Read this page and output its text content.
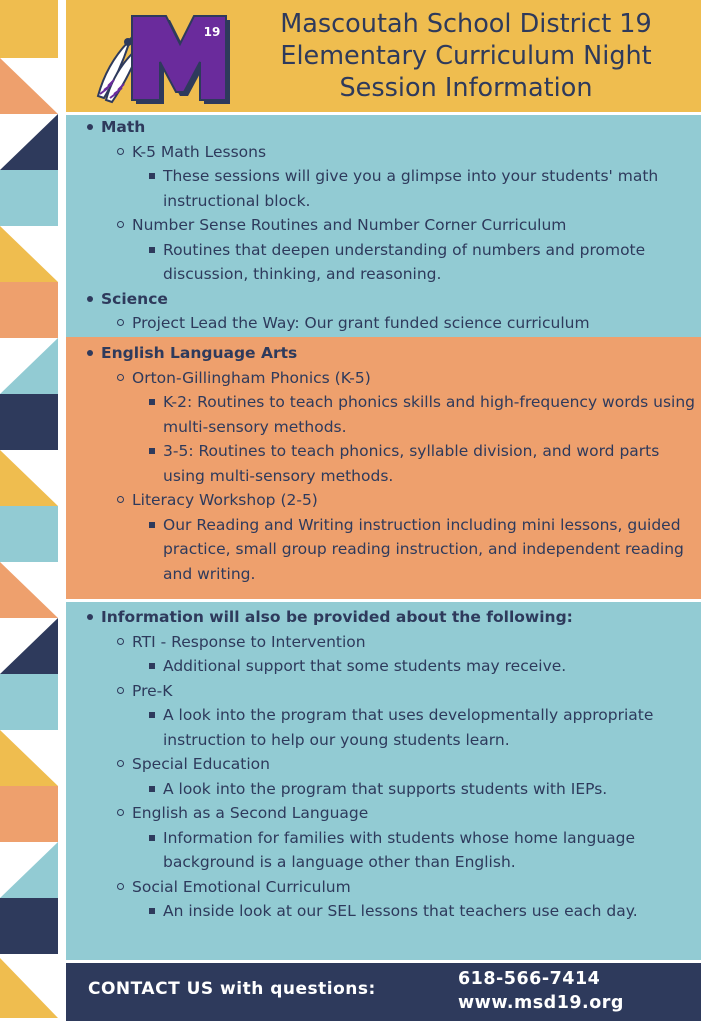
19	Mascoutah School District 19
Elementary Curriculum Night
Session Information
Math
K-5 Math Lessons
These sessions will give you a glimpse into your students' math instructional block.
Number Sense Routines and Number Corner Curriculum
Routines that deepen understanding of numbers and promote discussion, thinking, and reasoning.
Science
Project Lead the Way: Our grant funded science curriculum
English Language Arts
Orton-Gillingham Phonics (K-5)
K-2: Routines to teach phonics skills and high-frequency words using multi-sensory methods.
3-5: Routines to teach phonics, syllable division, and word parts using multi-sensory methods.
Literacy Workshop (2-5)
Our Reading and Writing instruction including mini lessons, guided practice, small group reading instruction, and independent reading and writing.
Information will also be provided about the following:
RTI - Response to Intervention
Additional support that some students may receive.
Pre-K
A look into the program that uses developmentally appropriate instruction to help our young students learn.
Special Education
A look into the program that supports students with IEPs.
English as a Second Language
Information for families with students whose home language background is a language other than English.
Social Emotional Curriculum
An inside look at our SEL lessons that teachers use each day.
CONTACT US with questions:	618-566-7414
www.msd19.org
